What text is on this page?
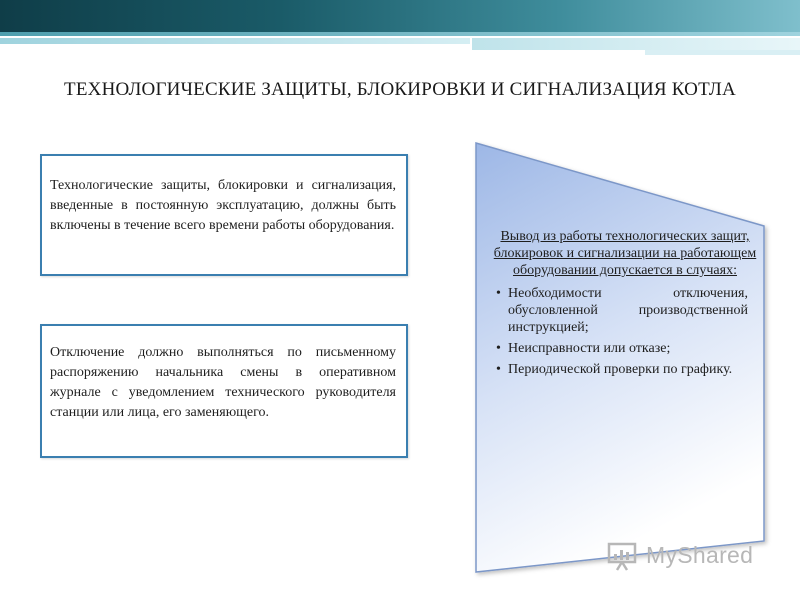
ТЕХНОЛОГИЧЕСКИЕ ЗАЩИТЫ, БЛОКИРОВКИ И СИГНАЛИЗАЦИЯ КОТЛА

Технологические защиты, блокировки и сигнализация, введенные в постоянную эксплуатацию, должны быть включены в течение всего времени работы оборудования.

Отключение должно выполняться по письменному распоряжению начальника смены в оперативном журнале с уведомлением технического руководителя станции или лица, его заменяющего.

Вывод из работы технологических защит, блокировок и сигнализации на работающем оборудовании допускается в случаях:
• Необходимости отключения, обусловленной производственной инструкцией;
• Неисправности или отказе;
• Периодической проверки по графику.
MyShared
